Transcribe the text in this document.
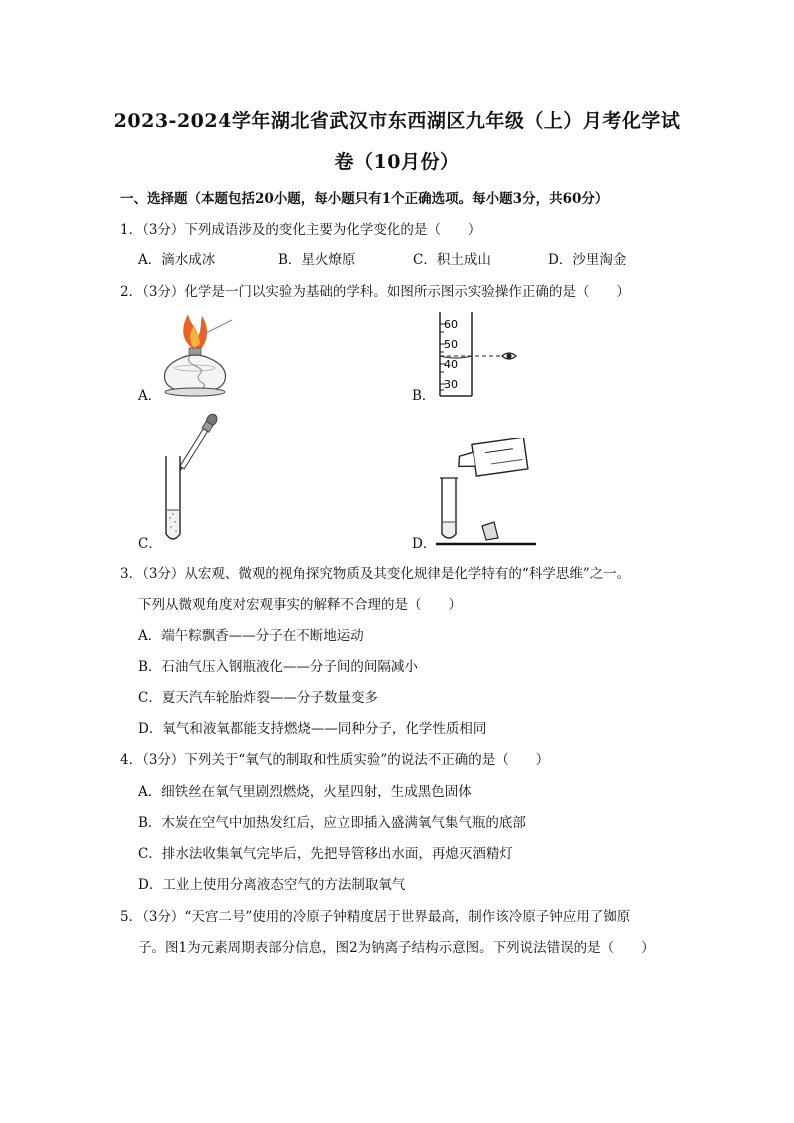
2023-2024学年湖北省武汉市东西湖区九年级（上）月考化学试
卷（10月份）
一、选择题（本题包括20小题，每小题只有1个正确选项。每小题3分，共60分）
1．（3分）下列成语涉及的变化主要为化学变化的是（　　）
A．滴水成冰	B．星火燎原	C．积土成山	D．沙里淘金
2．（3分）化学是一门以实验为基础的学科。如图所示图示实验操作正确的是（　　）
A．	B．
60
50
40
30
C．	D．
3．（3分）从宏观、微观的视角探究物质及其变化规律是化学特有的“科学思维”之一。
下列从微观角度对宏观事实的解释不合理的是（　　）
A．端午粽飘香——分子在不断地运动
B．石油气压入钢瓶液化——分子间的间隔减小
C．夏天汽车轮胎炸裂——分子数量变多
D．氧气和液氧都能支持燃烧——同种分子，化学性质相同
4．（3分）下列关于“氧气的制取和性质实验”的说法不正确的是（　　）
A．细铁丝在氧气里剧烈燃烧，火星四射，生成黑色固体
B．木炭在空气中加热发红后，应立即插入盛满氧气集气瓶的底部
C．排水法收集氧气完毕后，先把导管移出水面，再熄灭酒精灯
D．工业上使用分离液态空气的方法制取氧气
5．（3分）“天宫二号”使用的冷原子钟精度居于世界最高，制作该冷原子钟应用了铷原
子。图1为元素周期表部分信息，图2为钠离子结构示意图。下列说法错误的是（　　）
